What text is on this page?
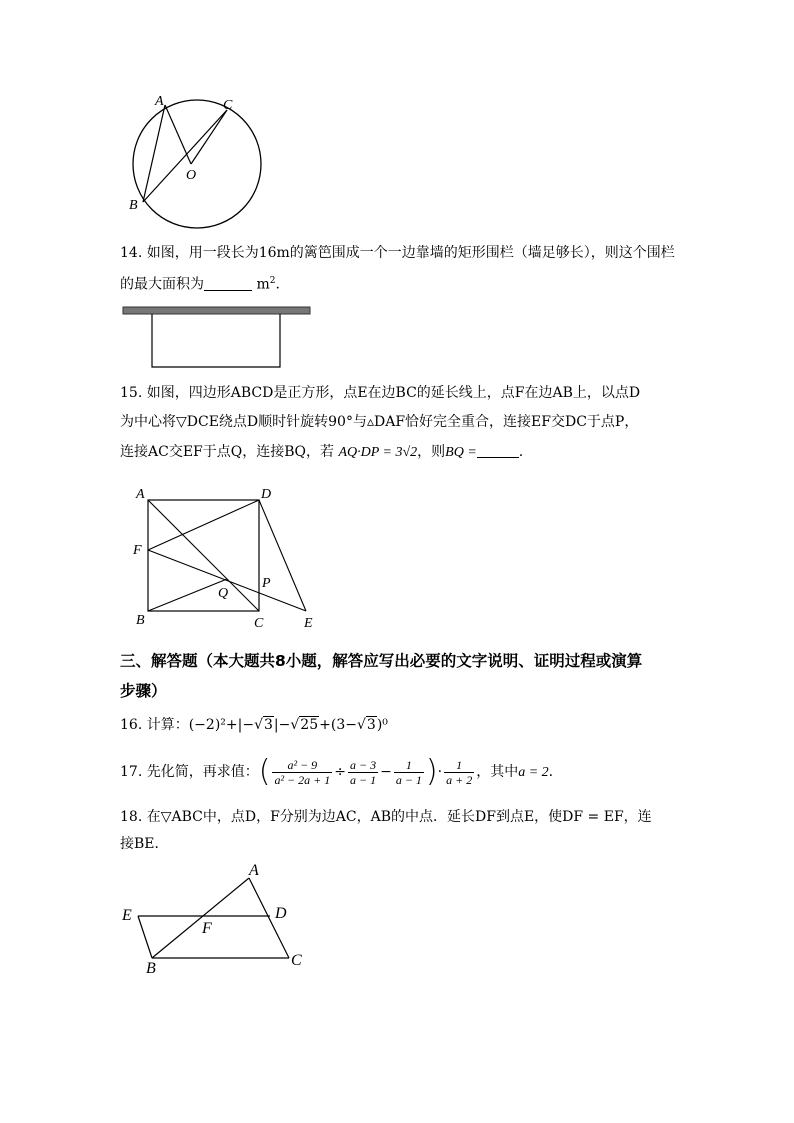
A	C
O
B
14. 如图，用一段长为16m的篱笆围成一个一边靠墙的矩形围栏（墙足够长），则这个围栏
的最大面积为	$m^2$.
15. 如图，四边形ABCD是正方形，点E在边BC的延长线上，点F在边AB上，以点D
为中心将▽DCE绕点D顺时针旋转90°与▵DAF恰好完全重合，连接EF交DC于点P，
连接AC交EF于点Q，连接BQ，若 AQ·DP = 3√2，则BQ =	.
A	D
F
P
Q
B	C	E
三、解答题（本大题共8小题，解答应写出必要的文字说明、证明过程或演算
步骤）
16. 计算：(−2)²+|−√3|−√25+(3−√3)⁰
17. 先化简，再求值：( $\frac{\text{a² − 9}}{\text{a² − 2a + 1}} \div \frac{a - 3}{a - 1} - \frac{1}{a - 1}$ )· $\frac{1}{a + 2}$ ，其中a = 2.
18. 在▽ABC中，点D，F分别为边AC，AB的中点．延长DF到点E，使DF = EF，连
接BE．
A
E	D
F
B	C
